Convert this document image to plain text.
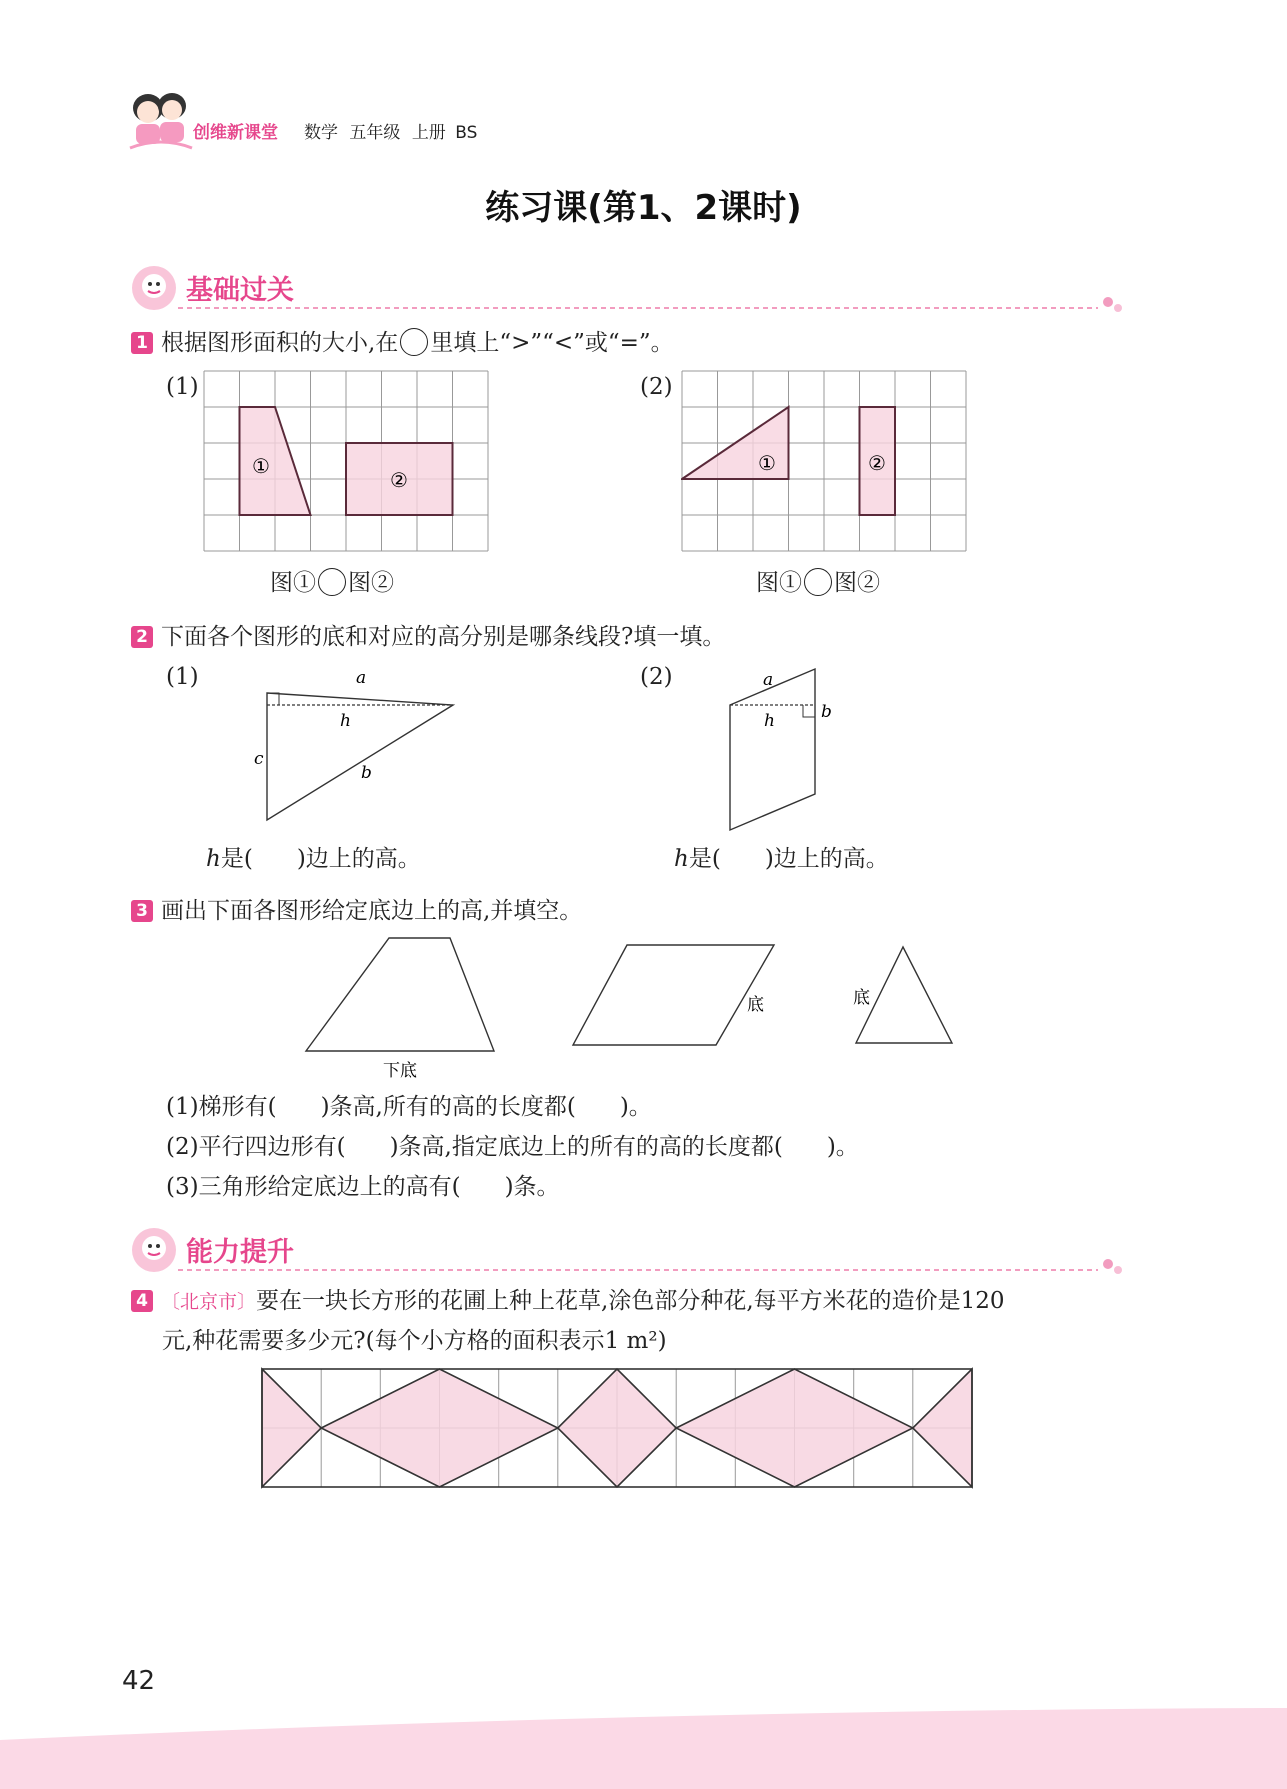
创维新课堂 数学 五年级 上册 BS
练习课(第1、2课时)
基础过关
1 根据图形面积的大小,在 里填上“>”“<”或“=”。
(1)
①
②
(2)
①	②
图① 图②	图① 图②
2 下面各个图形的底和对应的高分别是哪条线段?填一填。
(1)	a
h
c
b
(2)	a
h	b
h是( )边上的高。	h是( )边上的高。
3 画出下面各图形给定底边上的高,并填空。
下底
底	底
(1)梯形有( )条高,所有的高的长度都( )。
(2)平行四边形有( )条高,指定底边上的所有的高的长度都( )。
(3)三角形给定底边上的高有( )条。
能力提升
4 〔北京市〕要在一块长方形的花圃上种上花草,涂色部分种花,每平方米花的造价是120
元,种花需要多少元?(每个小方格的面积表示1 m²)
42
